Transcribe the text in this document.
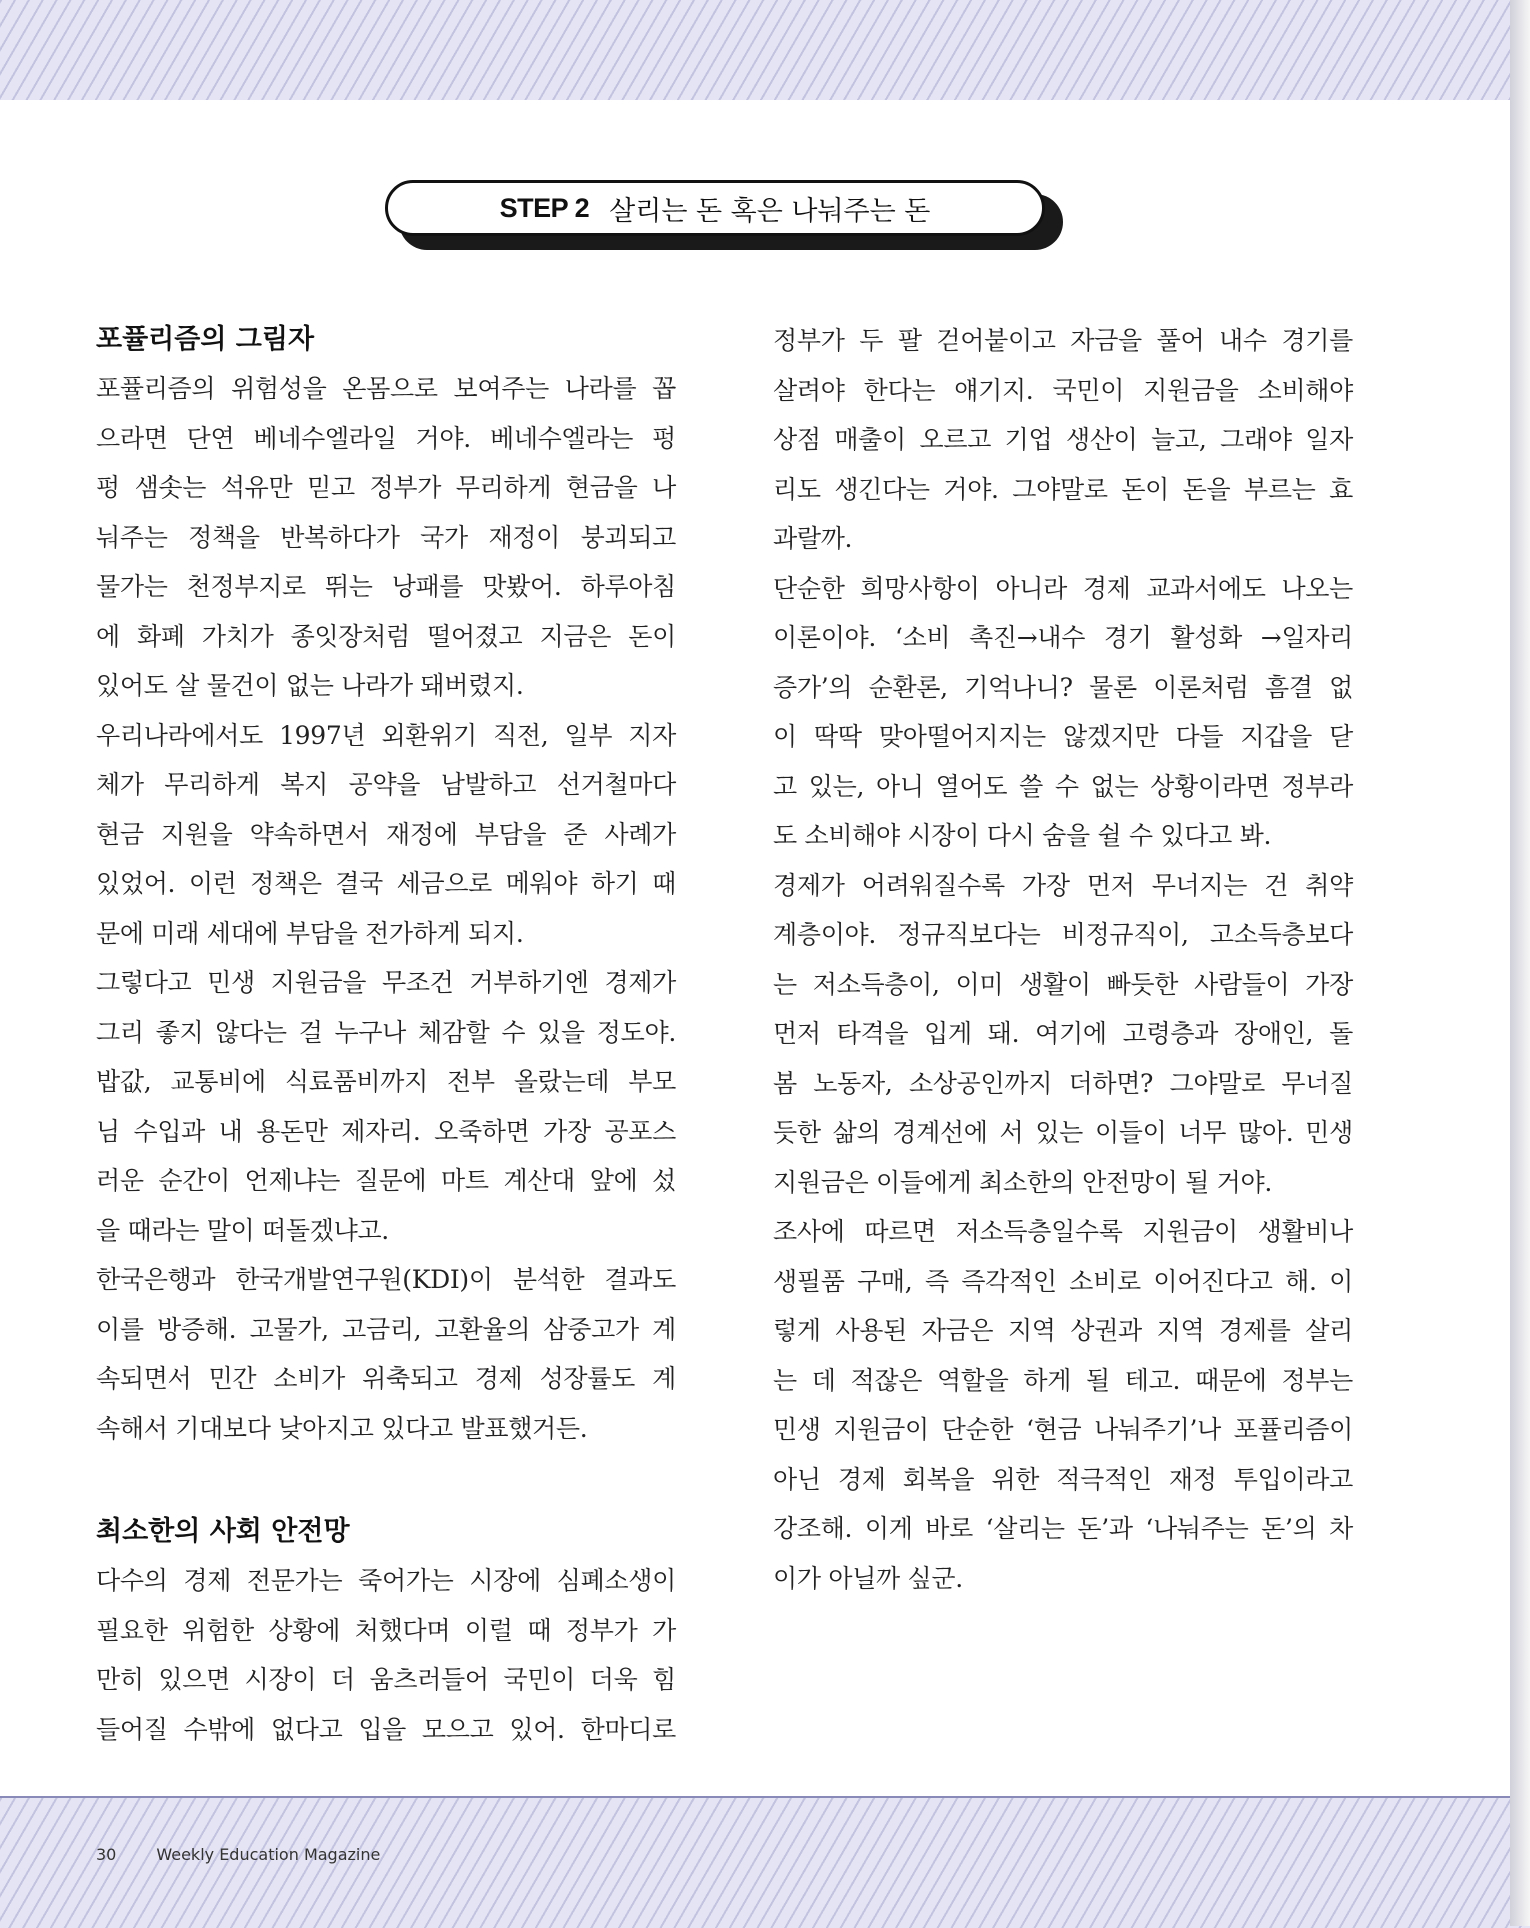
STEP 2 살리는 돈 혹은 나눠주는 돈
포퓰리즘의 그림자
포퓰리즘의 위험성을 온몸으로 보여주는 나라를 꼽
으라면 단연 베네수엘라일 거야. 베네수엘라는 펑
펑 샘솟는 석유만 믿고 정부가 무리하게 현금을 나
눠주는 정책을 반복하다가 국가 재정이 붕괴되고
물가는 천정부지로 뛰는 낭패를 맛봤어. 하루아침
에 화폐 가치가 종잇장처럼 떨어졌고 지금은 돈이
있어도 살 물건이 없는 나라가 돼버렸지.
우리나라에서도 1997년 외환위기 직전, 일부 지자
체가 무리하게 복지 공약을 남발하고 선거철마다
현금 지원을 약속하면서 재정에 부담을 준 사례가
있었어. 이런 정책은 결국 세금으로 메워야 하기 때
문에 미래 세대에 부담을 전가하게 되지.
그렇다고 민생 지원금을 무조건 거부하기엔 경제가
그리 좋지 않다는 걸 누구나 체감할 수 있을 정도야.
밥값, 교통비에 식료품비까지 전부 올랐는데 부모
님 수입과 내 용돈만 제자리. 오죽하면 가장 공포스
러운 순간이 언제냐는 질문에 마트 계산대 앞에 섰
을 때라는 말이 떠돌겠냐고.
한국은행과 한국개발연구원(KDI)이 분석한 결과도
이를 방증해. 고물가, 고금리, 고환율의 삼중고가 계
속되면서 민간 소비가 위축되고 경제 성장률도 계
속해서 기대보다 낮아지고 있다고 발표했거든.
최소한의 사회 안전망
다수의 경제 전문가는 죽어가는 시장에 심폐소생이
필요한 위험한 상황에 처했다며 이럴 때 정부가 가
만히 있으면 시장이 더 움츠러들어 국민이 더욱 힘
들어질 수밖에 없다고 입을 모으고 있어. 한마디로
정부가 두 팔 걷어붙이고 자금을 풀어 내수 경기를
살려야 한다는 얘기지. 국민이 지원금을 소비해야
상점 매출이 오르고 기업 생산이 늘고, 그래야 일자
리도 생긴다는 거야. 그야말로 돈이 돈을 부르는 효
과랄까.
단순한 희망사항이 아니라 경제 교과서에도 나오는
이론이야. ‘소비 촉진→내수 경기 활성화 →일자리
증가’의 순환론, 기억나니? 물론 이론처럼 흠결 없
이 딱딱 맞아떨어지지는 않겠지만 다들 지갑을 닫
고 있는, 아니 열어도 쓸 수 없는 상황이라면 정부라
도 소비해야 시장이 다시 숨을 쉴 수 있다고 봐.
경제가 어려워질수록 가장 먼저 무너지는 건 취약
계층이야. 정규직보다는 비정규직이, 고소득층보다
는 저소득층이, 이미 생활이 빠듯한 사람들이 가장
먼저 타격을 입게 돼. 여기에 고령층과 장애인, 돌
봄 노동자, 소상공인까지 더하면? 그야말로 무너질
듯한 삶의 경계선에 서 있는 이들이 너무 많아. 민생
지원금은 이들에게 최소한의 안전망이 될 거야.
조사에 따르면 저소득층일수록 지원금이 생활비나
생필품 구매, 즉 즉각적인 소비로 이어진다고 해. 이
렇게 사용된 자금은 지역 상권과 지역 경제를 살리
는 데 적잖은 역할을 하게 될 테고. 때문에 정부는
민생 지원금이 단순한 ‘현금 나눠주기’나 포퓰리즘이
아닌 경제 회복을 위한 적극적인 재정 투입이라고
강조해. 이게 바로 ‘살리는 돈’과 ‘나눠주는 돈’의 차
이가 아닐까 싶군.
30	Weekly Education Magazine
